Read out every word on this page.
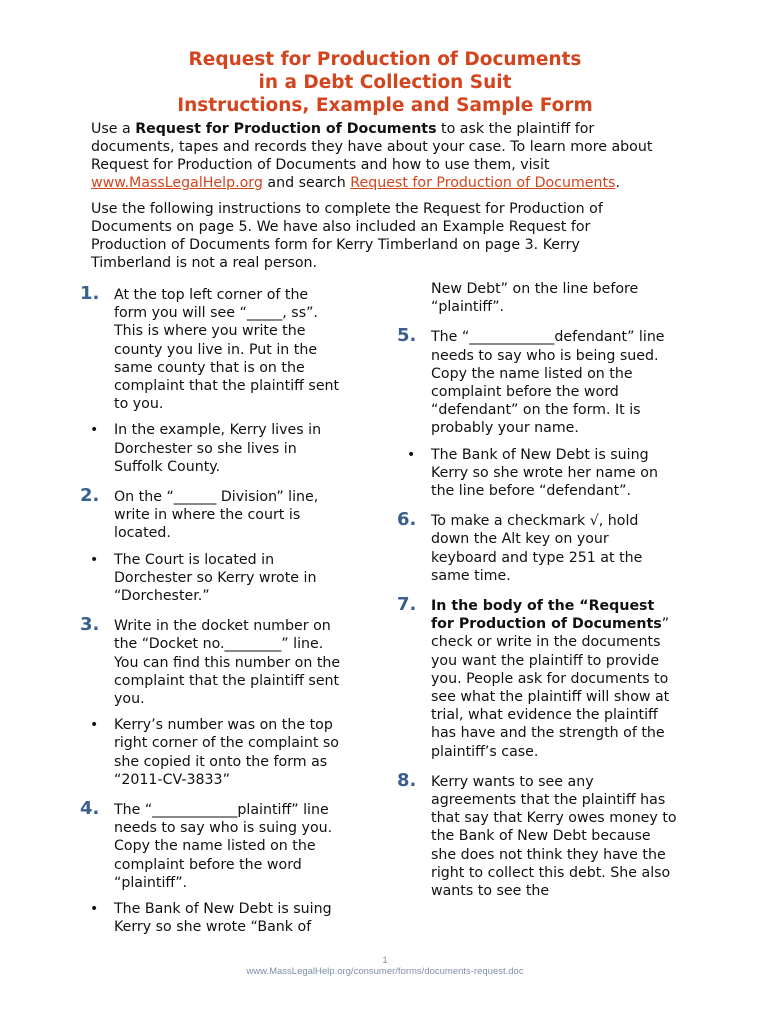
Request for Production of Documents
in a Debt Collection Suit
Instructions, Example and Sample Form

Use a Request for Production of Documents to ask the plaintiff for documents, tapes and records they have about your case. To learn more about Request for Production of Documents and how to use them, visit www.MassLegalHelp.org and search Request for Production of Documents.

Use the following instructions to complete the Request for Production of Documents on page 5. We have also included an Example Request for Production of Documents form for Kerry Timberland on page 3. Kerry Timberland is not a real person.

1. At the top left corner of the form you will see “_____, ss”. This is where you write the county you live in. Put in the same county that is on the complaint that the plaintiff sent to you.
• In the example, Kerry lives in Dorchester so she lives in Suffolk County.
2. On the “______ Division” line, write in where the court is located.
• The Court is located in Dorchester so Kerry wrote in “Dorchester.”
3. Write in the docket number on the “Docket no.________” line. You can find this number on the complaint that the plaintiff sent you.
• Kerry’s number was on the top right corner of the complaint so she copied it onto the form as “2011-CV-3833”
4. The “____________plaintiff” line needs to say who is suing you. Copy the name listed on the complaint before the word “plaintiff”.
• The Bank of New Debt is suing Kerry so she wrote “Bank of
New Debt” on the line before “plaintiff”.
5. The “____________defendant” line needs to say who is being sued. Copy the name listed on the complaint before the word “defendant” on the form. It is probably your name.
• The Bank of New Debt is suing Kerry so she wrote her name on the line before “defendant”.
6. To make a checkmark √, hold down the Alt key on your keyboard and type 251 at the same time.
7. In the body of the “Request for Production of Documents” check or write in the documents you want the plaintiff to provide you. People ask for documents to see what the plaintiff will show at trial, what evidence the plaintiff has have and the strength of the plaintiff’s case.
8. Kerry wants to see any agreements that the plaintiff has that say that Kerry owes money to the Bank of New Debt because she does not think they have the right to collect this debt. She also wants to see the
1
www.MassLegalHelp.org/consumer/forms/documents-request.doc
